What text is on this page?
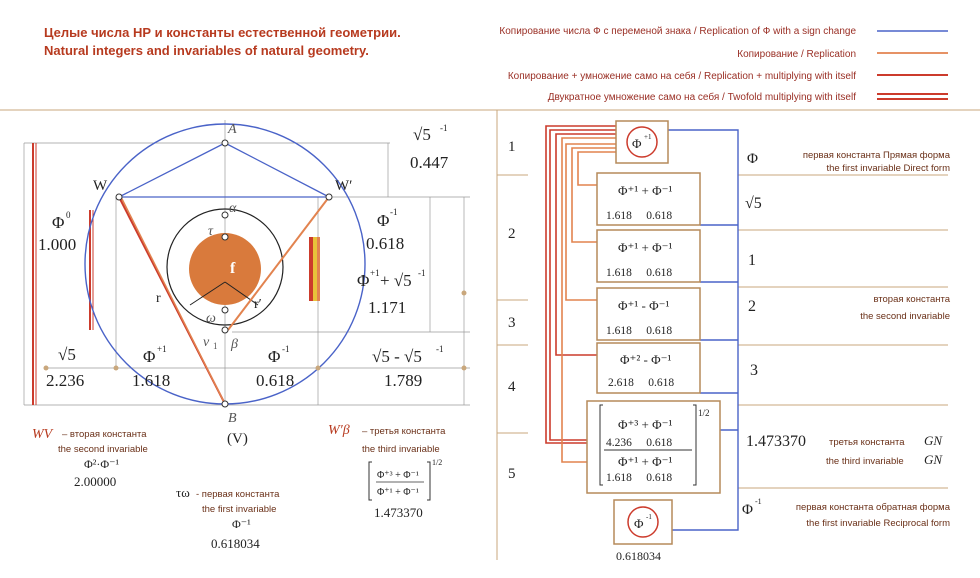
Целые числа НР и константы естественной геометрии.
Natural integers and invariables of natural geometry.
Копирование числа Ф с переменой знака / Replication of Ф with a sign change
Копирование / Replication
Копирование + умножение само на себя / Replication + multiplying with itself
Двукратное умножение само на себя / Twofold multiplying with itself
A
B
W	W′
α
τ
f
ω
ν 1 β
r	r′
(V)
√5 -1
0.447
Φ 0
1.000
Φ -1
0.618
Φ +1 + √5 -1
1.171
√5
2.236
Φ +1
1.618
Φ -1
0.618
√5 - √5 -1
1.789
WV – вторая константа
the second invariable
Φ²·Φ⁻¹
2.00000
τω - первая константа
the first invariable
Φ⁻¹
0.618034
W′β – третья константа
the third invariable
Φ⁺³ + Φ⁻¹
Φ⁺¹ + Φ⁻¹
1/2
1.473370
1
2
3
4
5
Φ +1
Φ⁺¹ + Φ⁻¹
1.618     0.618
Φ⁺¹ + Φ⁻¹
1.618     0.618
Φ⁺¹ - Φ⁻¹
1.618     0.618
Φ⁺² - Φ⁻¹
2.618     0.618
Φ⁺³ + Φ⁻¹
4.236     0.618
Φ⁺¹ + Φ⁻¹
1.618     0.618
1/2
Φ -1
0.618034
Φ	первая константа Прямая форма
the first invariable Direct form
√5
1
2	вторая константа
the second invariable
3
1.473370 третья константа GN
the third invariable GN
Φ
-1
первая константа обратная форма
the first invariable Reciprocal form
